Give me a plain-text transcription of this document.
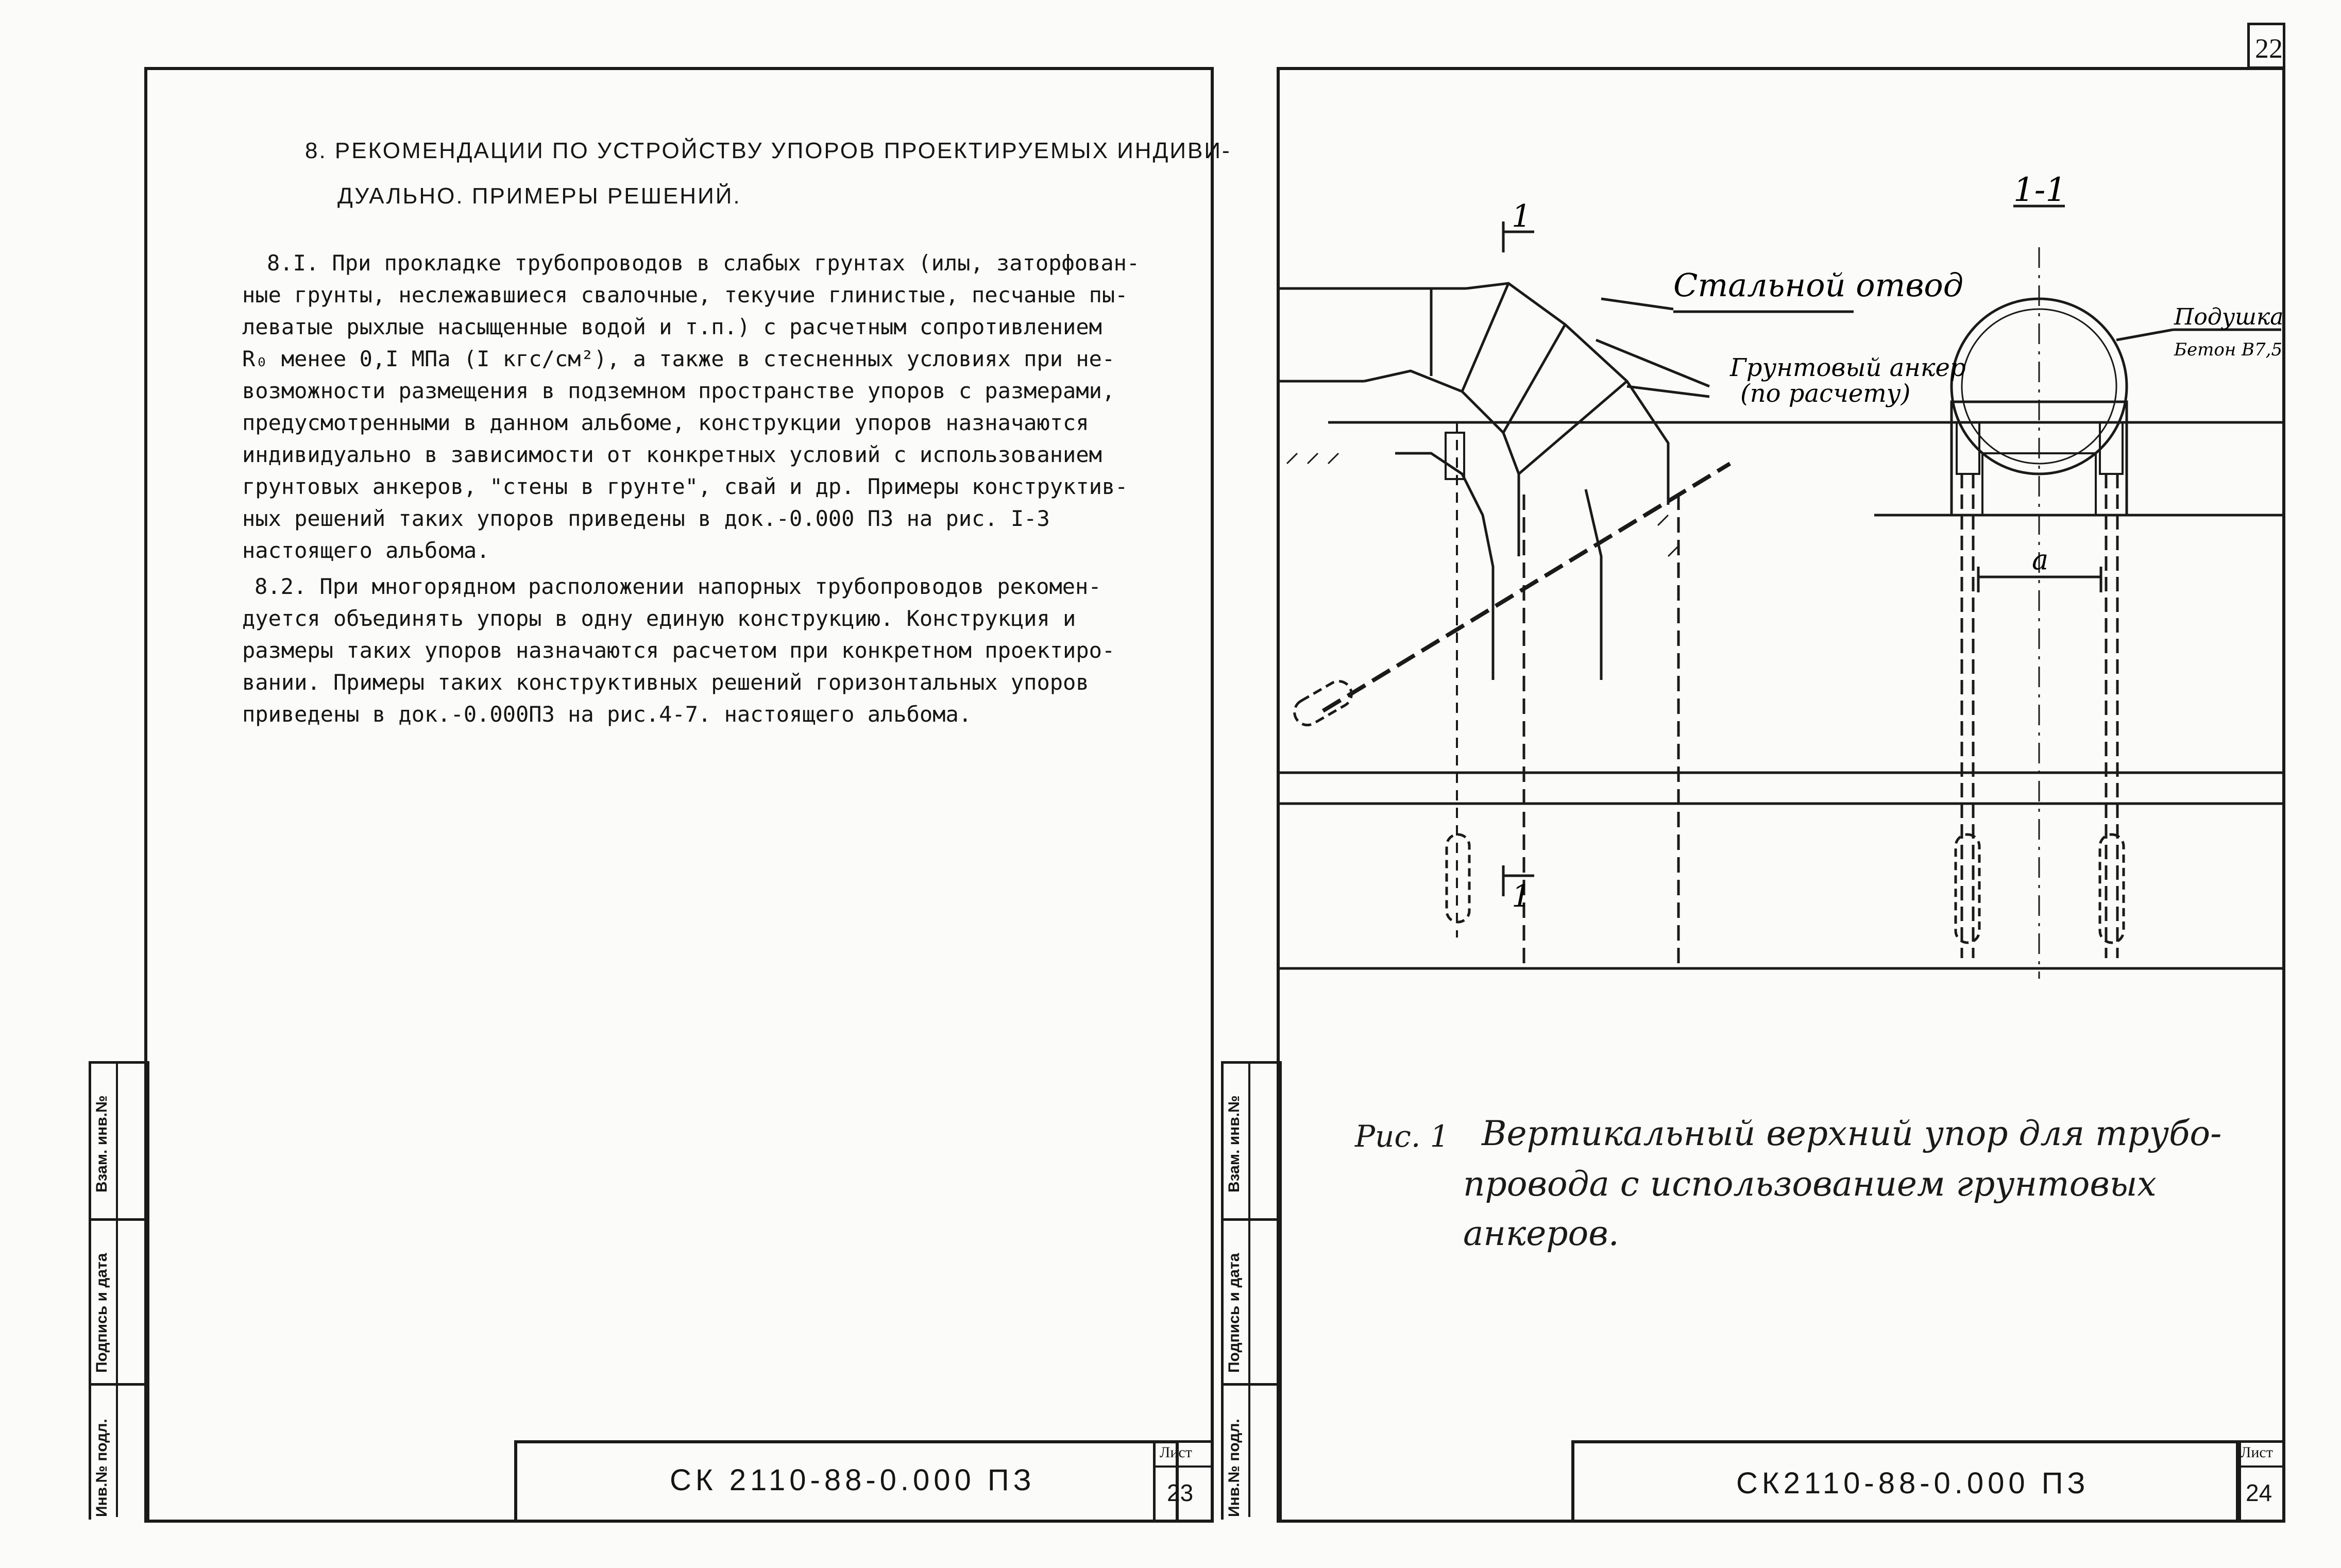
22
8. РЕКОМЕНДАЦИИ ПО УСТРОЙСТВУ УПОРОВ ПРОЕКТИРУЕМЫХ ИНДИВИ-
ДУАЛЬНО. ПРИМЕРЫ РЕШЕНИЙ.
8.I. При прокладке трубопроводов в слабых грунтах (илы, заторфован-
ные грунты, неслежавшиеся свалочные, текучие глинистые, песчаные пы-
леватые рыхлые насыщенные водой и т.п.) с расчетным сопротивлением
R₀ менее 0,I МПа (I кгс/см²), а также в стесненных условиях при не-
возможности размещения в подземном пространстве упоров с размерами,
предусмотренными в данном альбоме, конструкции упоров назначаются
индивидуально в зависимости от конкретных условий с использованием
грунтовых анкеров, "стены в грунте", свай и др. Примеры конструктив-
ных решений таких упоров приведены в док.-0.000 ПЗ на рис. I-3
настоящего альбома.
8.2. При многорядном расположении напорных трубопроводов рекомен-
дуется объединять упоры в одну единую конструкцию. Конструкция и
размеры таких упоров назначаются расчетом при конкретном проектиро-
вании. Примеры таких конструктивных решений горизонтальных упоров
приведены в док.-0.000ПЗ на рис.4-7. настоящего альбома.
Инв.№ подл.
Подпись и дата
Взам. инв.№
СК 2110-88-0.000 ПЗ
Лист
23
Стальной отвод
Грунтовый анкер
(по расчету)
Подушка
Бетон В7,5
1
1
1-1
а
Рис. 1 Вертикальный верхний упор для трубо-
провода с использованием грунтовых
анкеров.
Инв.№ подл.
Подпись и дата
Взам. инв.№
СК2110-88-0.000 ПЗ
Лист
24
